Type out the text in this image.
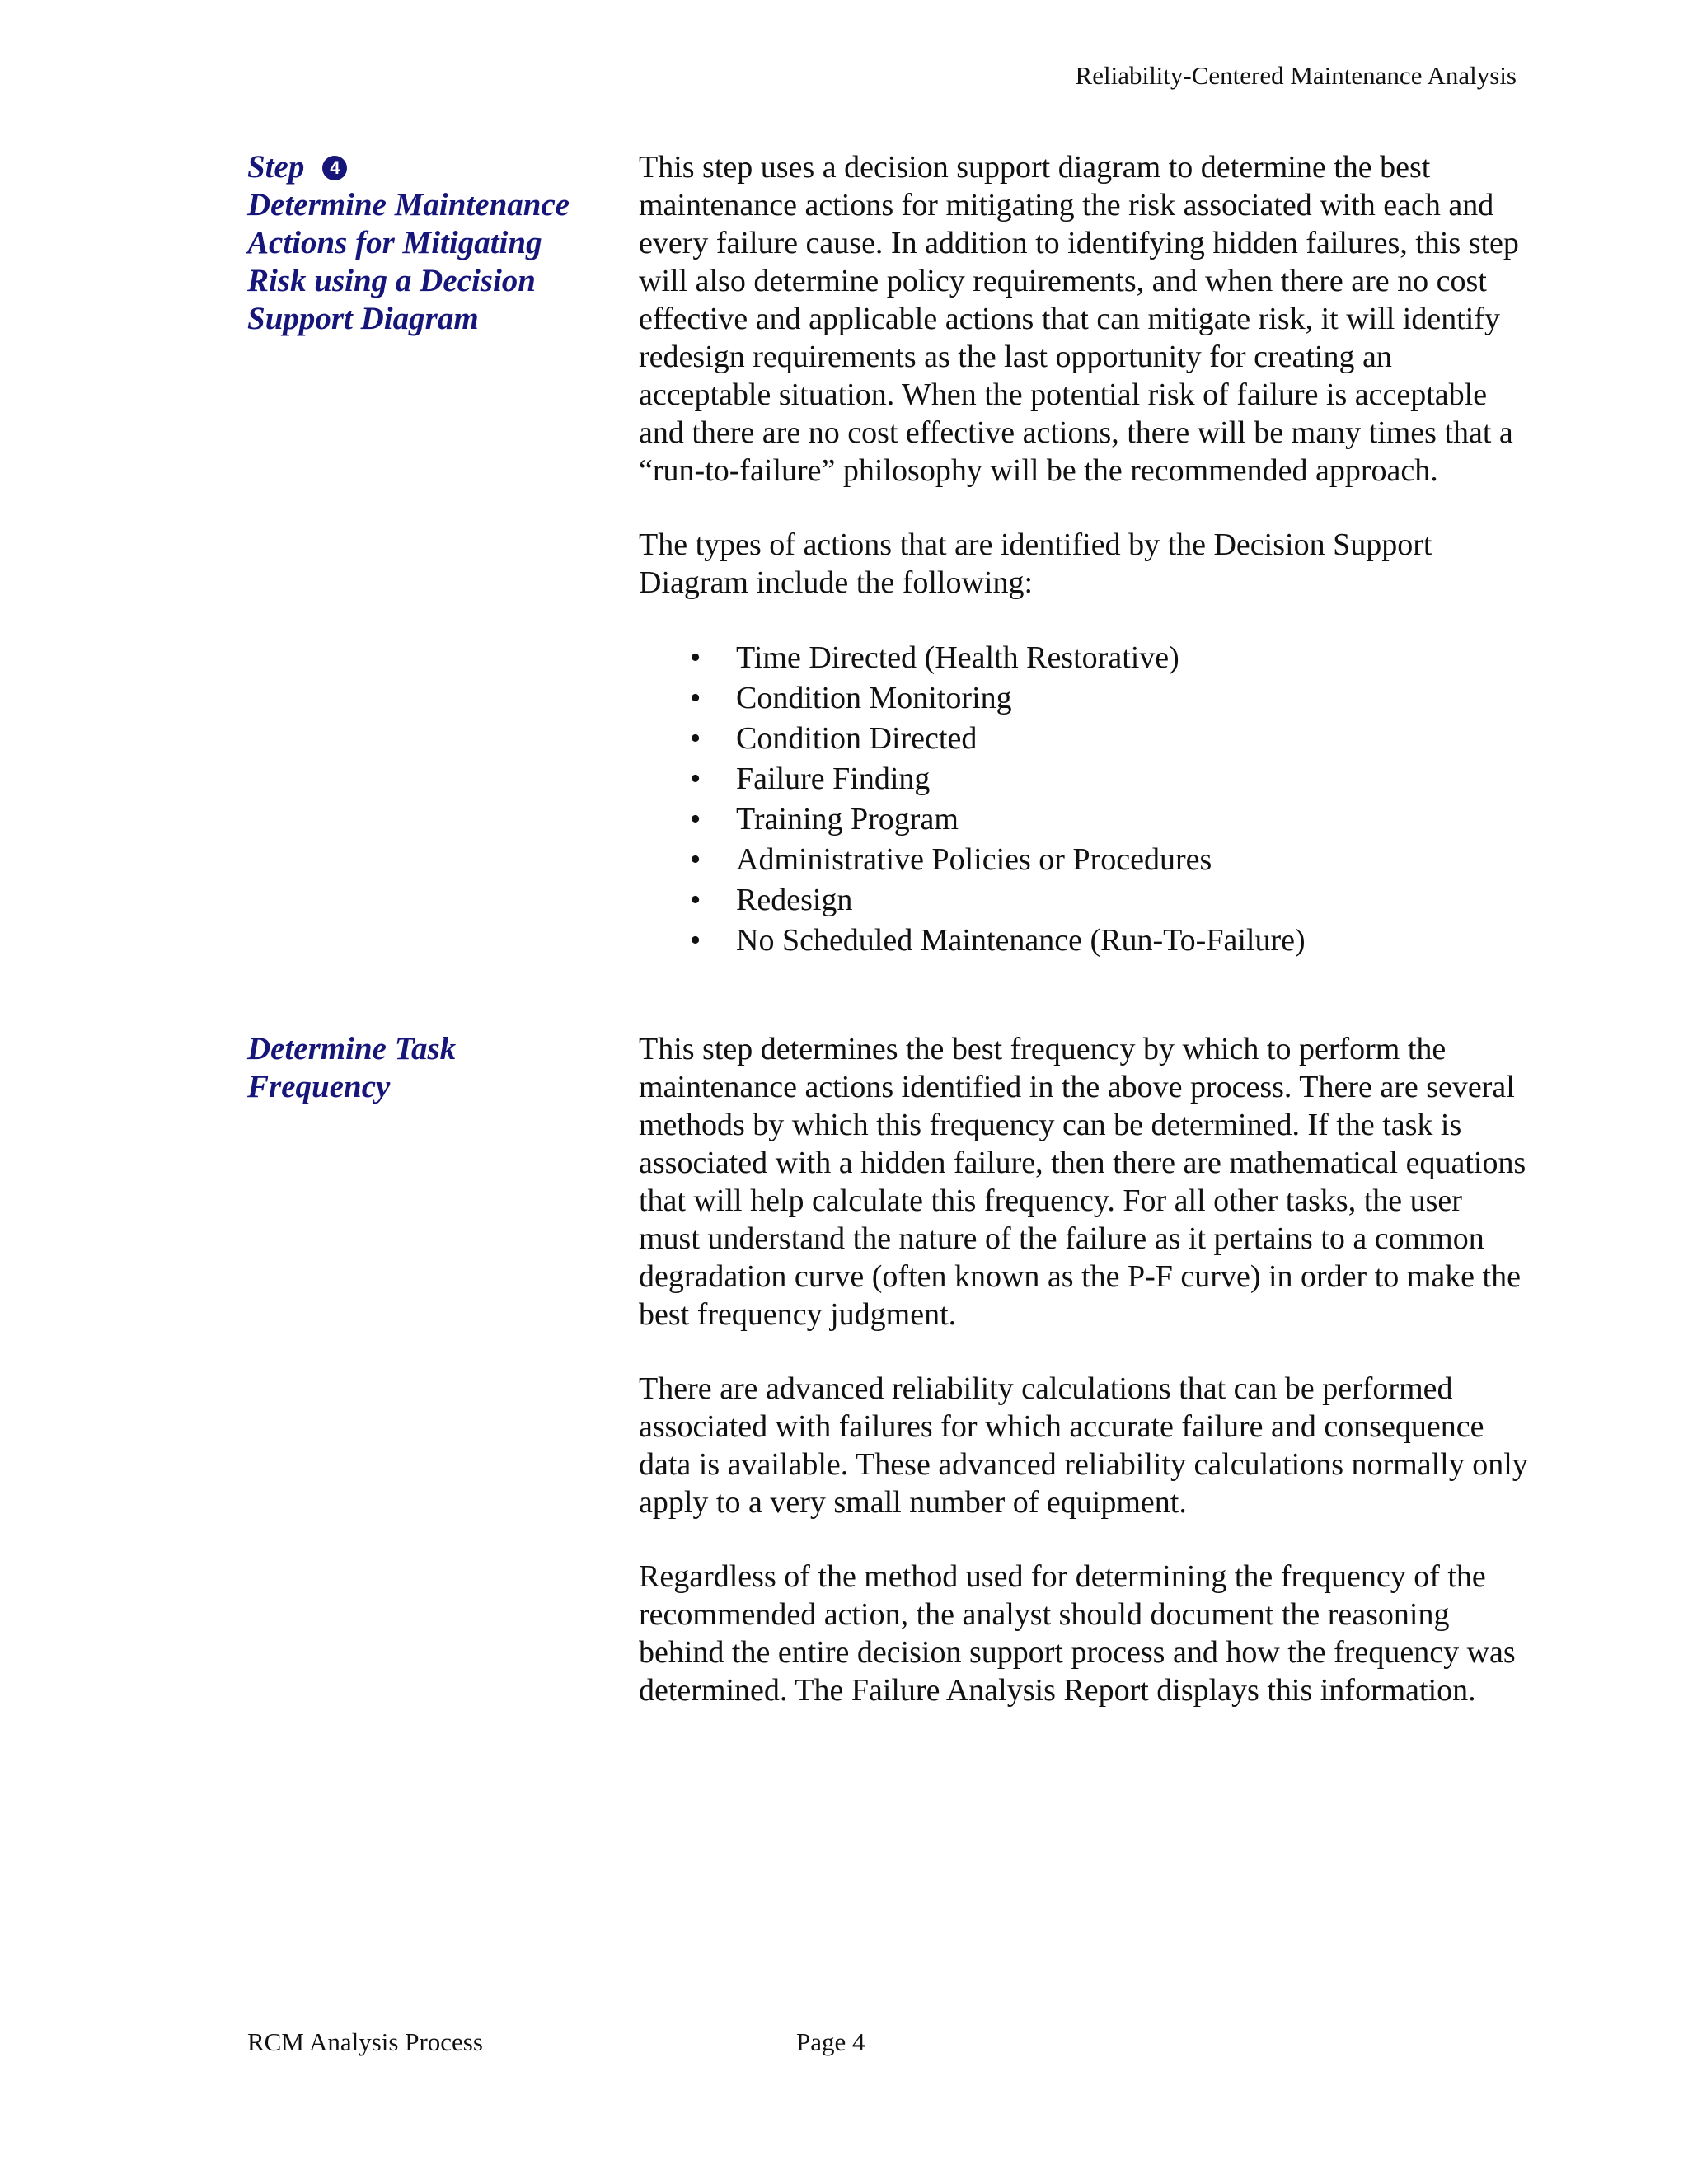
Reliability-Centered Maintenance Analysis
Step 4
Determine Maintenance
Actions for Mitigating
Risk using a Decision
Support Diagram

This step uses a decision support diagram to determine the best maintenance actions for mitigating the risk associated with each and every failure cause. In addition to identifying hidden failures, this step will also determine policy requirements, and when there are no cost effective and applicable actions that can mitigate risk, it will identify redesign requirements as the last opportunity for creating an acceptable situation. When the potential risk of failure is acceptable and there are no cost effective actions, there will be many times that a “run-to-failure” philosophy will be the recommended approach.

The types of actions that are identified by the Decision Support Diagram include the following:

• Time Directed (Health Restorative)
• Condition Monitoring
• Condition Directed
• Failure Finding
• Training Program
• Administrative Policies or Procedures
• Redesign
• No Scheduled Maintenance (Run-To-Failure)
Determine Task
Frequency

This step determines the best frequency by which to perform the maintenance actions identified in the above process. There are several methods by which this frequency can be determined. If the task is associated with a hidden failure, then there are mathematical equations that will help calculate this frequency. For all other tasks, the user must understand the nature of the failure as it pertains to a common degradation curve (often known as the P-F curve) in order to make the best frequency judgment.

There are advanced reliability calculations that can be performed associated with failures for which accurate failure and consequence data is available. These advanced reliability calculations normally only apply to a very small number of equipment.

Regardless of the method used for determining the frequency of the recommended action, the analyst should document the reasoning behind the entire decision support process and how the frequency was determined. The Failure Analysis Report displays this information.

RCM Analysis Process	Page 4
